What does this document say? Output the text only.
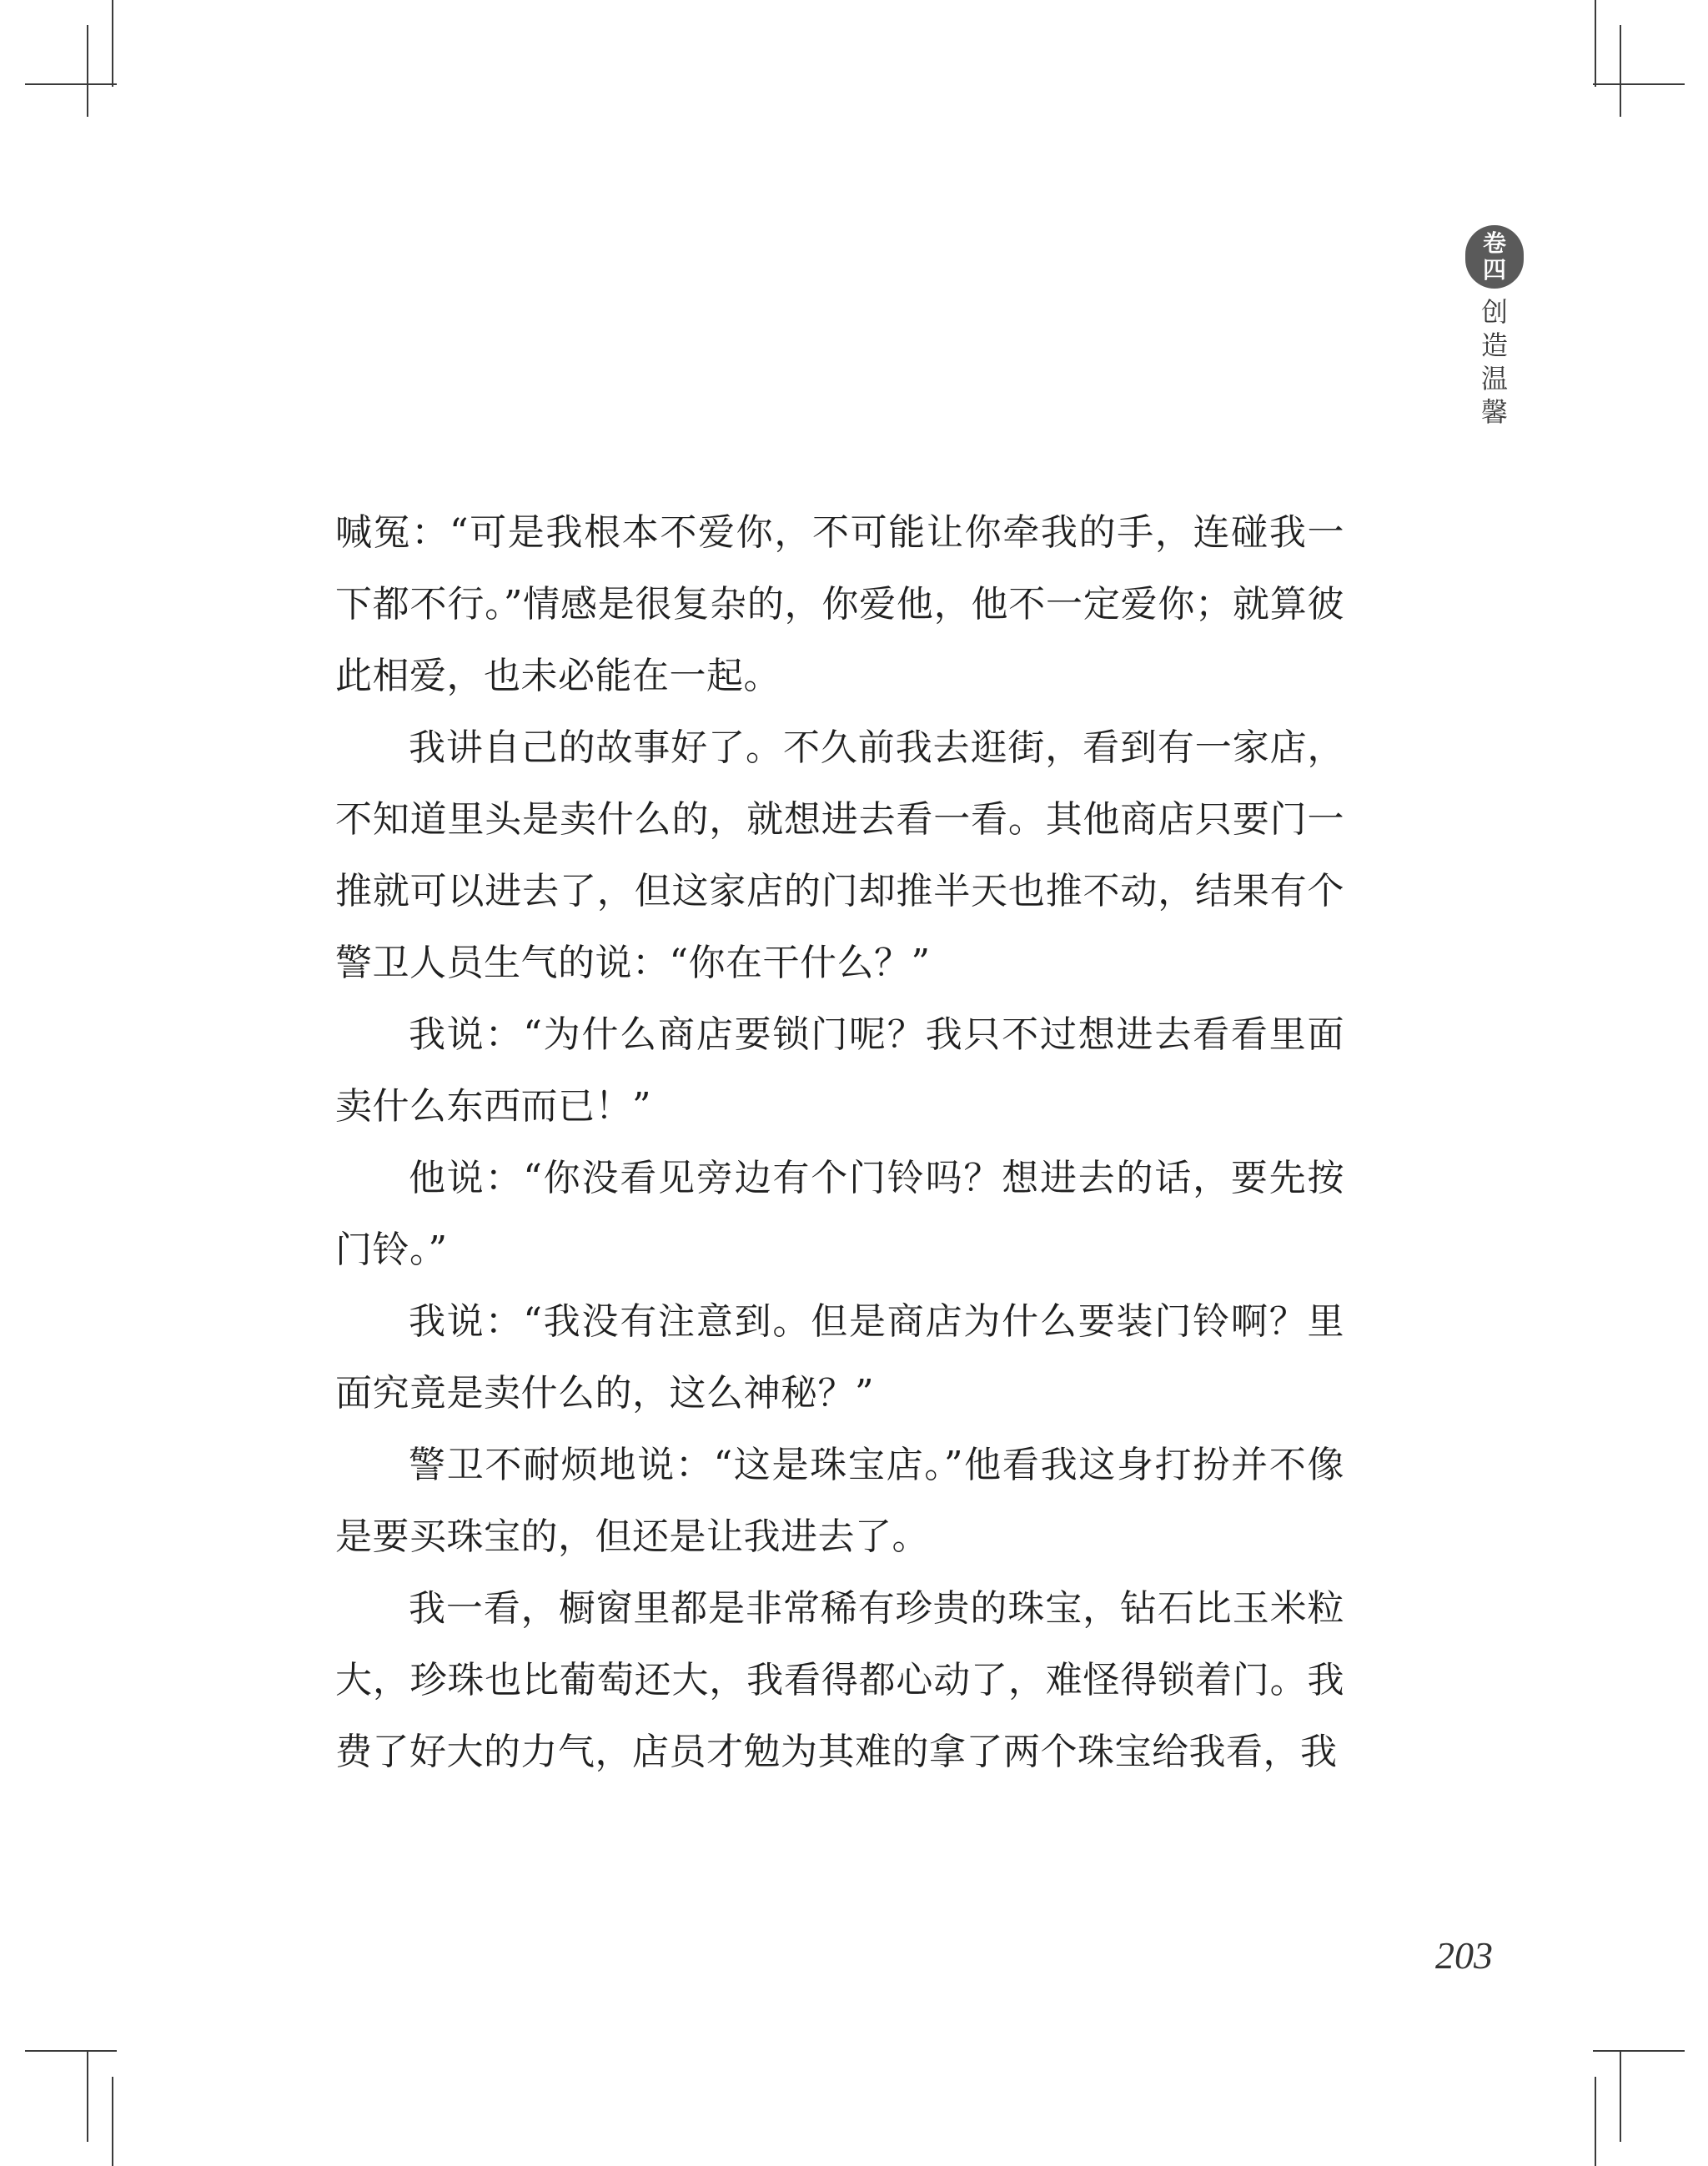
卷
四
创
造
温
馨

喊冤：“可是我根本不爱你，不可能让你牵我的手，连碰我一下都不行。”情感是很复杂的，你爱他，他不一定爱你；就算彼此相爱，也未必能在一起。

我讲自己的故事好了。不久前我去逛街，看到有一家店，不知道里头是卖什么的，就想进去看一看。其他商店只要门一推就可以进去了，但这家店的门却推半天也推不动，结果有个警卫人员生气的说：“你在干什么？”

我说：“为什么商店要锁门呢？我只不过想进去看看里面卖什么东西而已！”

他说：“你没看见旁边有个门铃吗？想进去的话，要先按门铃。”

我说：“我没有注意到。但是商店为什么要装门铃啊？里面究竟是卖什么的，这么神秘？”

警卫不耐烦地说：“这是珠宝店。”他看我这身打扮并不像是要买珠宝的，但还是让我进去了。

我一看，橱窗里都是非常稀有珍贵的珠宝，钻石比玉米粒大，珍珠也比葡萄还大，我看得都心动了，难怪得锁着门。我费了好大的力气，店员才勉为其难的拿了两个珠宝给我看，我

203
